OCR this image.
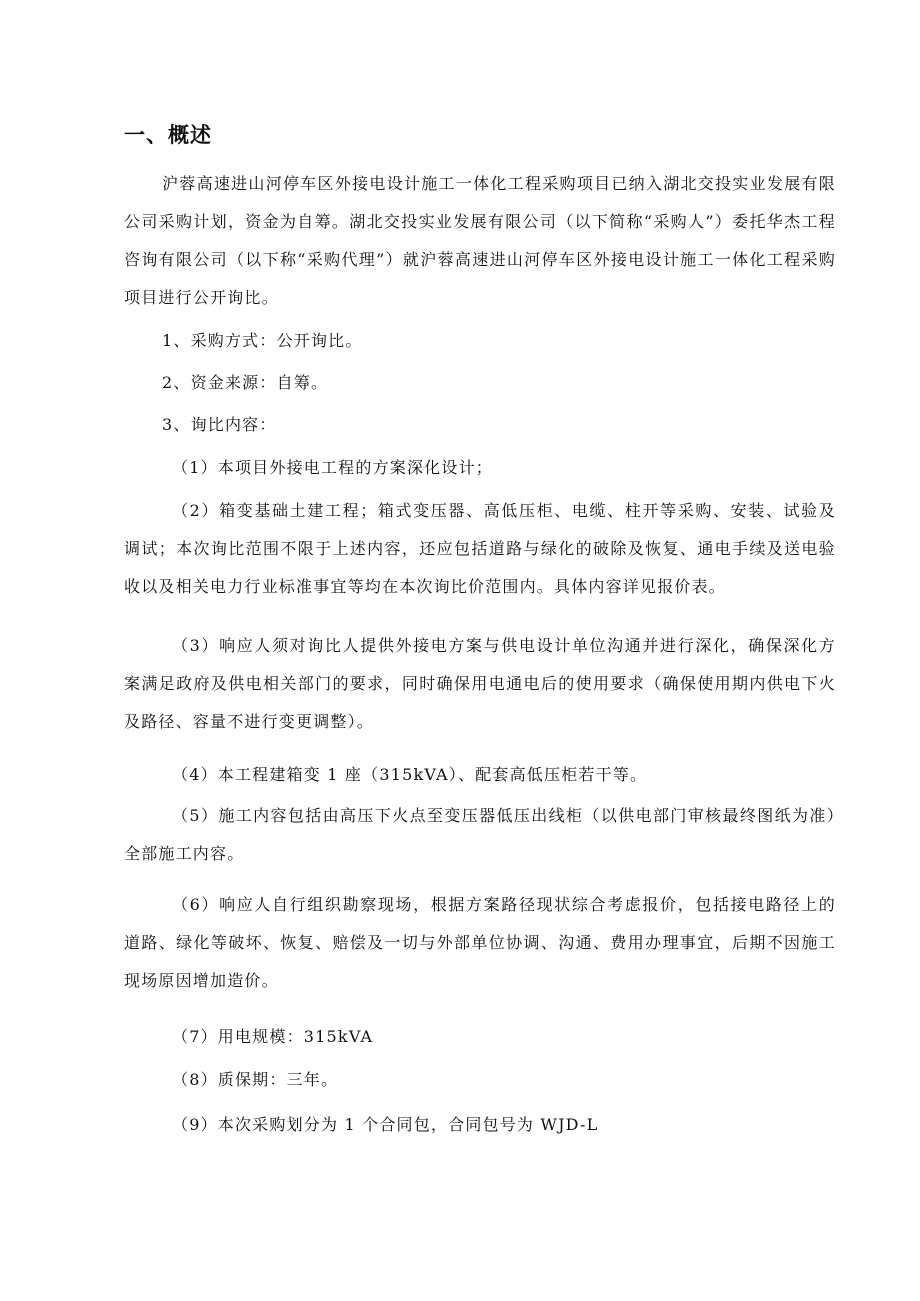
一、概述
沪蓉高速进山河停车区外接电设计施工一体化工程采购项目已纳入湖北交投实业发展有限公司采购计划，资金为自筹。湖北交投实业发展有限公司（以下简称“采购人”）委托华杰工程咨询有限公司（以下称“采购代理”）就沪蓉高速进山河停车区外接电设计施工一体化工程采购项目进行公开询比。
1、采购方式：公开询比。
2、资金来源：自筹。
3、询比内容：
（1）本项目外接电工程的方案深化设计；
（2）箱变基础土建工程；箱式变压器、高低压柜、电缆、柱开等采购、安装、试验及调试；本次询比范围不限于上述内容，还应包括道路与绿化的破除及恢复、通电手续及送电验收以及相关电力行业标准事宜等均在本次询比价范围内。具体内容详见报价表。
（3）响应人须对询比人提供外接电方案与供电设计单位沟通并进行深化，确保深化方案满足政府及供电相关部门的要求，同时确保用电通电后的使用要求（确保使用期内供电下火及路径、容量不进行变更调整）。
（4）本工程建箱变 1 座（315kVA）、配套高低压柜若干等。
（5）施工内容包括由高压下火点至变压器低压出线柜（以供电部门审核最终图纸为准）全部施工内容。
（6）响应人自行组织勘察现场，根据方案路径现状综合考虑报价，包括接电路径上的道路、绿化等破坏、恢复、赔偿及一切与外部单位协调、沟通、费用办理事宜，后期不因施工现场原因增加造价。
（7）用电规模：315kVA
（8）质保期：三年。
（9）本次采购划分为 1 个合同包，合同包号为 WJD-L
